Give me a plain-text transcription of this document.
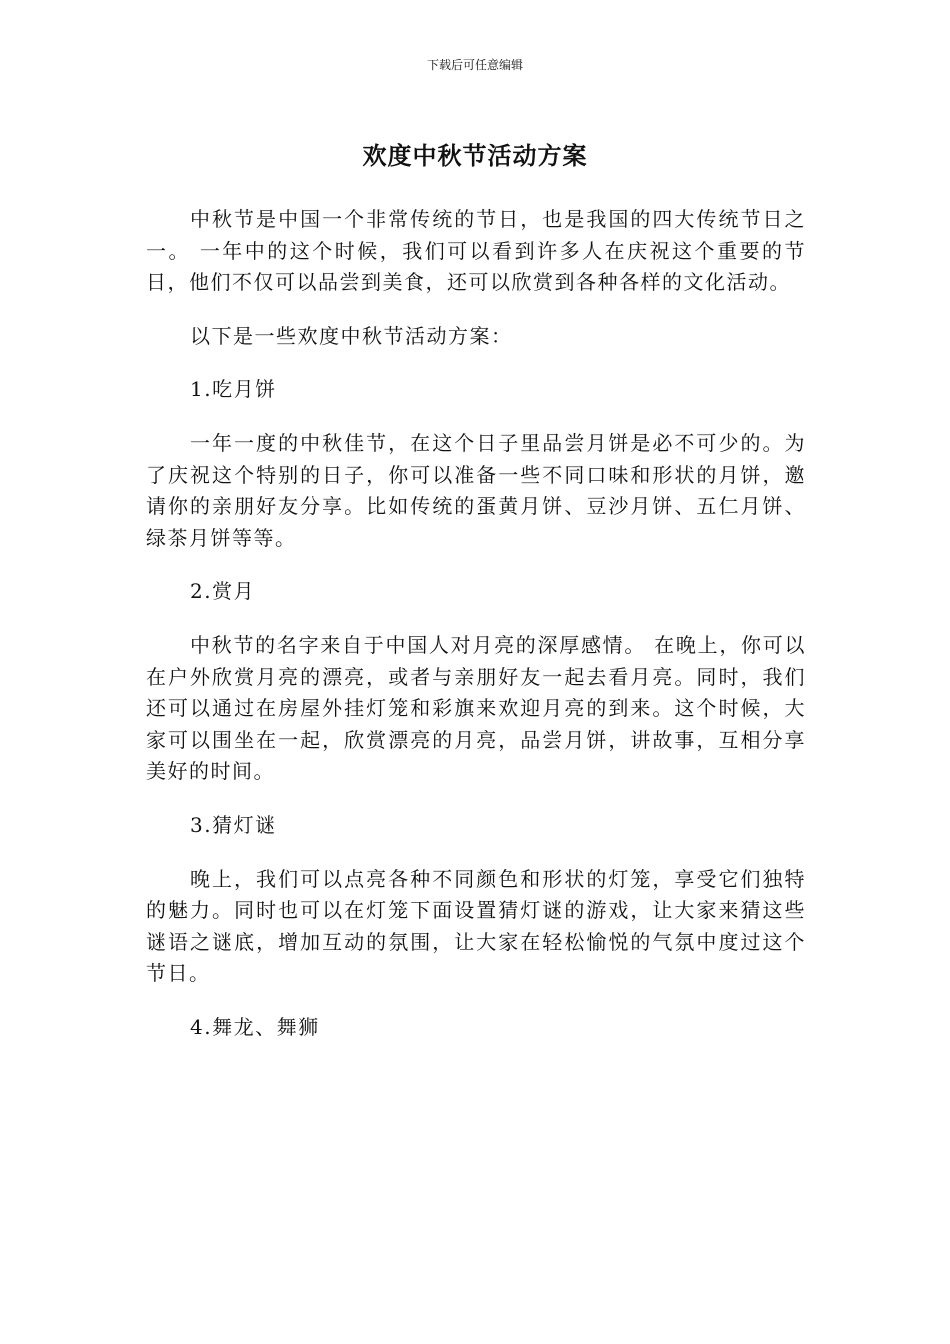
下载后可任意编辑
欢度中秋节活动方案

中秋节是中国一个非常传统的节日，也是我国的四大传统节日之一。 一年中的这个时候，我们可以看到许多人在庆祝这个重要的节日，他们不仅可以品尝到美食，还可以欣赏到各种各样的文化活动。

以下是一些欢度中秋节活动方案：

1.吃月饼

一年一度的中秋佳节，在这个日子里品尝月饼是必不可少的。为了庆祝这个特别的日子，你可以准备一些不同口味和形状的月饼，邀请你的亲朋好友分享。比如传统的蛋黄月饼、豆沙月饼、五仁月饼、绿茶月饼等等。

2.赏月

中秋节的名字来自于中国人对月亮的深厚感情。 在晚上，你可以在户外欣赏月亮的漂亮，或者与亲朋好友一起去看月亮。同时，我们还可以通过在房屋外挂灯笼和彩旗来欢迎月亮的到来。这个时候，大家可以围坐在一起，欣赏漂亮的月亮，品尝月饼，讲故事，互相分享美好的时间。

3.猜灯谜

晚上，我们可以点亮各种不同颜色和形状的灯笼，享受它们独特的魅力。同时也可以在灯笼下面设置猜灯谜的游戏，让大家来猜这些谜语之谜底，增加互动的氛围，让大家在轻松愉悦的气氛中度过这个节日。

4.舞龙、舞狮
